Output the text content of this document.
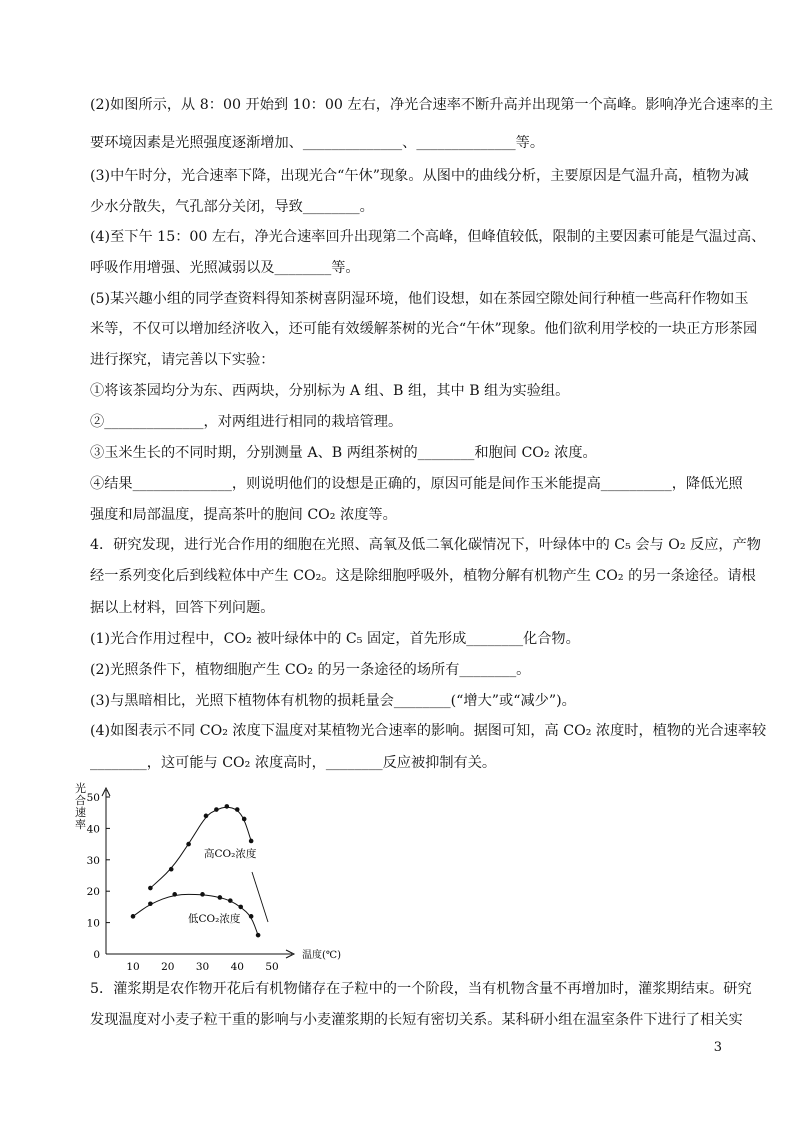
(2)如图所示，从 8：00 开始到 10：00 左右，净光合速率不断升高并出现第一个高峰。影响净光合速率的主
要环境因素是光照强度逐渐增加、______________、______________等。
(3)中午时分，光合速率下降，出现光合“午休”现象。从图中的曲线分析，主要原因是气温升高，植物为减
少水分散失，气孔部分关闭，导致________。
(4)至下午 15：00 左右，净光合速率回升出现第二个高峰，但峰值较低，限制的主要因素可能是气温过高、
呼吸作用增强、光照减弱以及________等。
(5)某兴趣小组的同学查资料得知茶树喜阴湿环境，他们设想，如在茶园空隙处间行种植一些高秆作物如玉
米等，不仅可以增加经济收入，还可能有效缓解茶树的光合“午休”现象。他们欲利用学校的一块正方形茶园
进行探究，请完善以下实验：
①将该茶园均分为东、西两块，分别标为 A 组、B 组，其中 B 组为实验组。
②______________，对两组进行相同的栽培管理。
③玉米生长的不同时期，分别测量 A、B 两组茶树的________和胞间 CO₂ 浓度。
④结果______________，则说明他们的设想是正确的，原因可能是间作玉米能提高__________，降低光照
强度和局部温度，提高茶叶的胞间 CO₂ 浓度等。
4．研究发现，进行光合作用的细胞在光照、高氧及低二氧化碳情况下，叶绿体中的 C₅ 会与 O₂ 反应，产物
经一系列变化后到线粒体中产生 CO₂。这是除细胞呼吸外，植物分解有机物产生 CO₂ 的另一条途径。请根
据以上材料，回答下列问题。
(1)光合作用过程中，CO₂ 被叶绿体中的 C₅ 固定，首先形成________化合物。
(2)光照条件下，植物细胞产生 CO₂ 的另一条途径的场所有________。
(3)与黑暗相比，光照下植物体有机物的损耗量会________(“增大”或“减少”)。
(4)如图表示不同 CO₂ 浓度下温度对某植物光合速率的影响。据图可知，高 CO₂ 浓度时，植物的光合速率较
________，这可能与 CO₂ 浓度高时，________反应被抑制有关。
5．灌浆期是农作物开花后有机物储存在子粒中的一个阶段，当有机物含量不再增加时，灌浆期结束。研究
发现温度对小麦子粒干重的影响与小麦灌浆期的长短有密切关系。某科研小组在温室条件下进行了相关实
光合速率
温度(℃)
高CO₂浓度
低CO₂浓度
0
10
20
30
40
50
10 20 30 40 50
3
